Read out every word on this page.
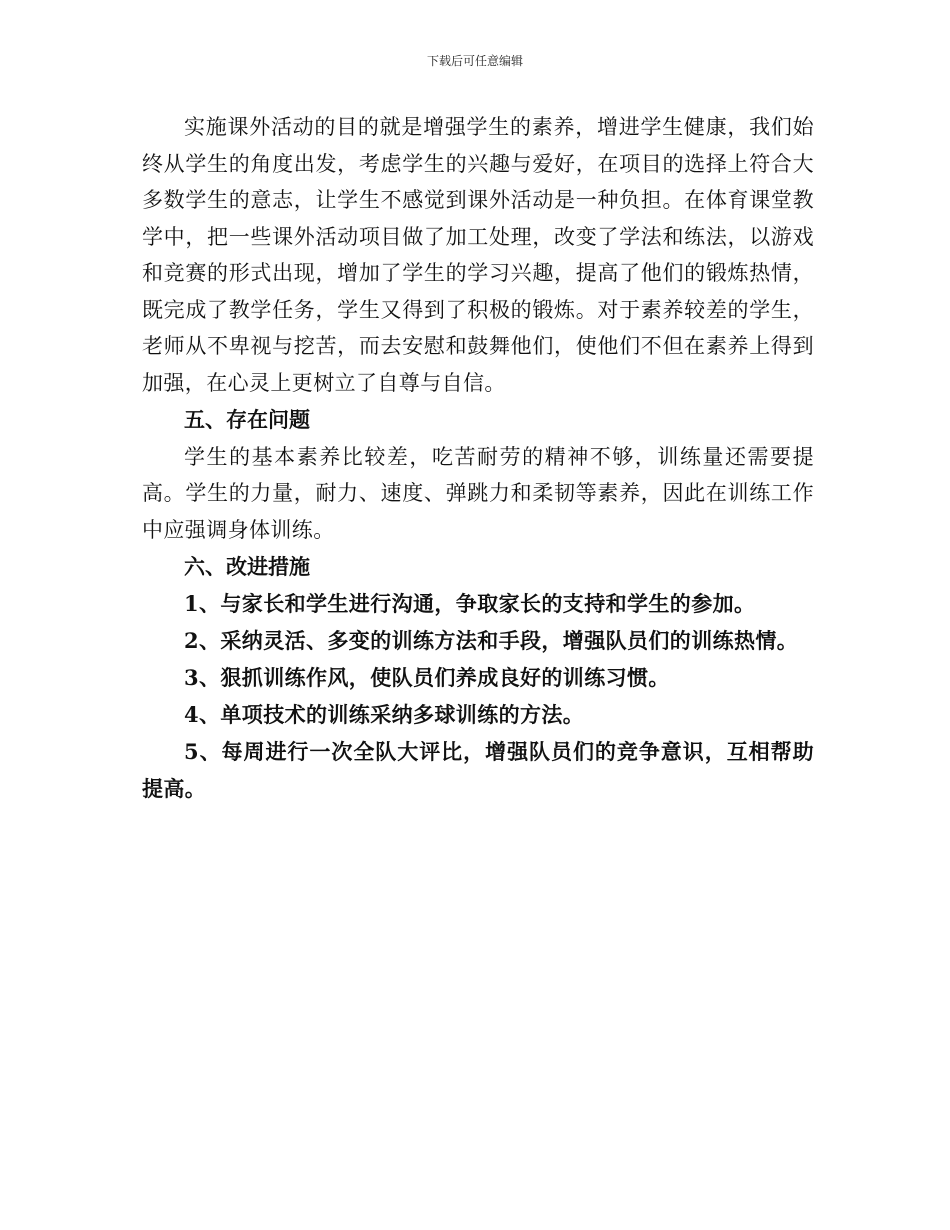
下载后可任意编辑

实施课外活动的目的就是增强学生的素养，增进学生健康，我们始终从学生的角度出发，考虑学生的兴趣与爱好，在项目的选择上符合大多数学生的意志，让学生不感觉到课外活动是一种负担。在体育课堂教学中，把一些课外活动项目做了加工处理，改变了学法和练法，以游戏和竞赛的形式出现，增加了学生的学习兴趣，提高了他们的锻炼热情，既完成了教学任务，学生又得到了积极的锻炼。对于素养较差的学生，老师从不卑视与挖苦，而去安慰和鼓舞他们，使他们不但在素养上得到加强，在心灵上更树立了自尊与自信。

五、存在问题

学生的基本素养比较差，吃苦耐劳的精神不够，训练量还需要提高。学生的力量，耐力、速度、弹跳力和柔韧等素养，因此在训练工作中应强调身体训练。

六、改进措施

1、与家长和学生进行沟通，争取家长的支持和学生的参加。

2、采纳灵活、多变的训练方法和手段，增强队员们的训练热情。

3、狠抓训练作风，使队员们养成良好的训练习惯。

4、单项技术的训练采纳多球训练的方法。

5、每周进行一次全队大评比，增强队员们的竞争意识，互相帮助提高。
